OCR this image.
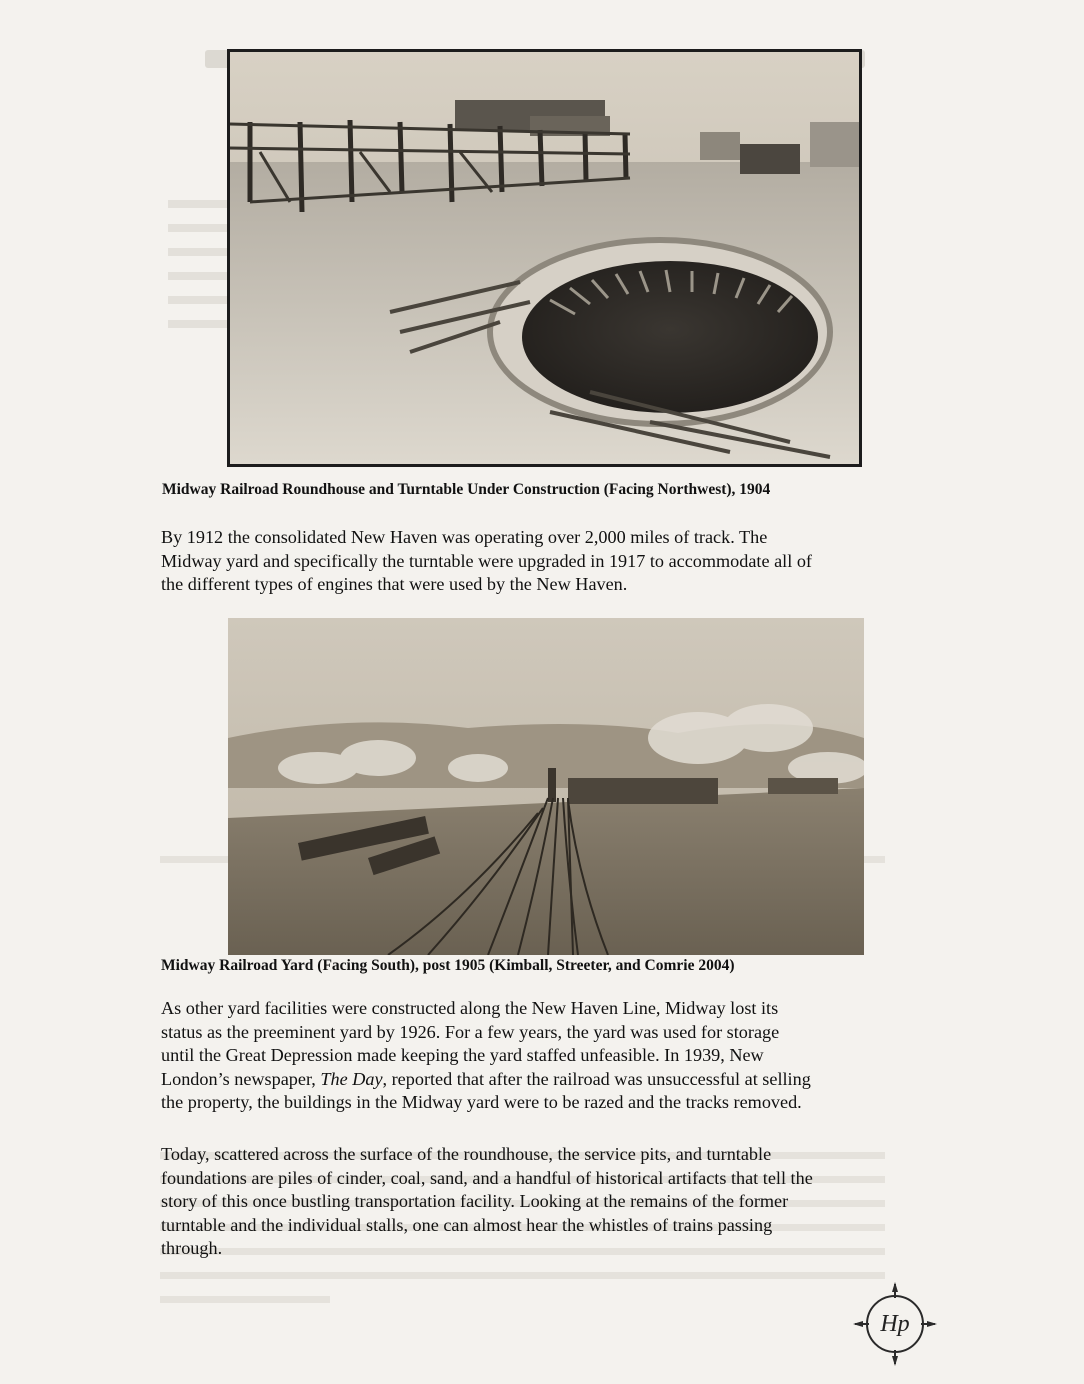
Midway Railroad Roundhouse and Turntable Under Construction (Facing Northwest), 1904

By 1912 the consolidated New Haven was operating over 2,000 miles of track. The
Midway yard and specifically the turntable were upgraded in 1917 to accommodate all of
the different types of engines that were used by the New Haven.

Midway Railroad Yard (Facing South), post 1905 (Kimball, Streeter, and Comrie 2004)

As other yard facilities were constructed along the New Haven Line, Midway lost its
status as the preeminent yard by 1926. For a few years, the yard was used for storage
until the Great Depression made keeping the yard staffed unfeasible. In 1939, New
London’s newspaper, The Day, reported that after the railroad was unsuccessful at selling
the property, the buildings in the Midway yard were to be razed and the tracks removed.

Today, scattered across the surface of the roundhouse, the service pits, and turntable
foundations are piles of cinder, coal, sand, and a handful of historical artifacts that tell the
story of this once bustling transportation facility. Looking at the remains of the former
turntable and the individual stalls, one can almost hear the whistles of trains passing
through.

Hp
